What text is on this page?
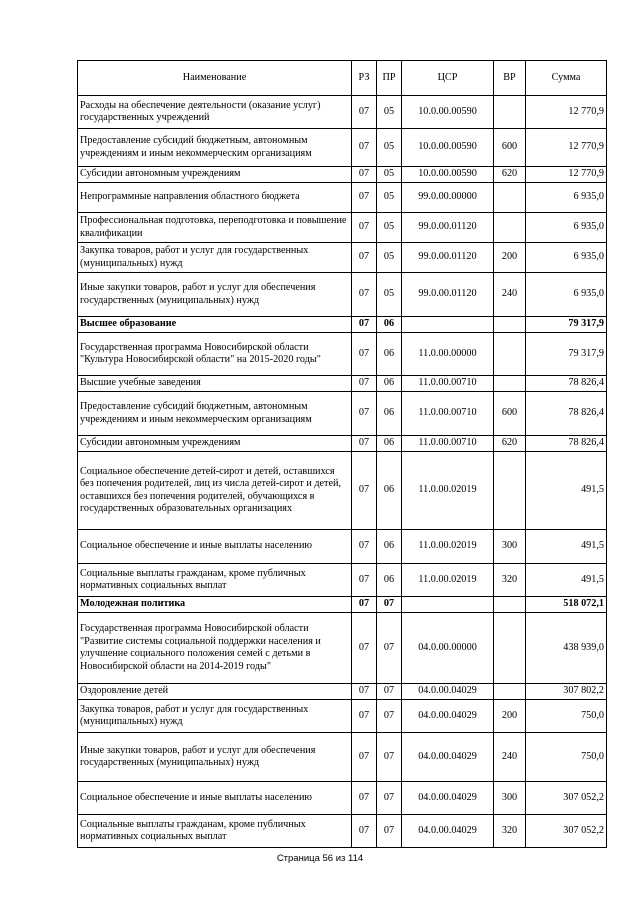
Наименование	РЗ	ПР	ЦСР	ВР	Сумма
Расходы на обеспечение деятельности (оказание услуг) государственных учреждений	07	05	10.0.00.00590		12 770,9
Предоставление субсидий бюджетным, автономным учреждениям и иным некоммерческим организациям	07	05	10.0.00.00590	600	12 770,9
Субсидии автономным учреждениям	07	05	10.0.00.00590	620	12 770,9
Непрограммные направления областного бюджета	07	05	99.0.00.00000		6 935,0
Профессиональная подготовка, переподготовка и повышение квалификации	07	05	99.0.00.01120		6 935,0
Закупка товаров, работ и услуг для государственных (муниципальных) нужд	07	05	99.0.00.01120	200	6 935,0
Иные закупки товаров, работ и услуг для обеспечения государственных (муниципальных) нужд	07	05	99.0.00.01120	240	6 935,0
Высшее образование	07	06			79 317,9
Государственная программа Новосибирской области "Культура Новосибирской области" на 2015-2020 годы"	07	06	11.0.00.00000		79 317,9
Высшие учебные заведения	07	06	11.0.00.00710		78 826,4
Предоставление субсидий бюджетным, автономным учреждениям и иным некоммерческим организациям	07	06	11.0.00.00710	600	78 826,4
Субсидии автономным учреждениям	07	06	11.0.00.00710	620	78 826,4
Социальное обеспечение детей-сирот и детей, оставшихся без попечения родителей, лиц из числа детей-сирот и детей, оставшихся без попечения родителей, обучающихся в государственных образовательных организациях	07	06	11.0.00.02019		491,5
Социальное обеспечение и иные выплаты населению	07	06	11.0.00.02019	300	491,5
Социальные выплаты гражданам, кроме публичных нормативных социальных выплат	07	06	11.0.00.02019	320	491,5
Молодежная политика	07	07			518 072,1
Государственная программа Новосибирской области "Развитие системы социальной поддержки населения и улучшение социального положения семей с детьми в Новосибирской области на 2014-2019 годы"	07	07	04.0.00.00000		438 939,0
Оздоровление детей	07	07	04.0.00.04029		307 802,2
Закупка товаров, работ и услуг для государственных (муниципальных) нужд	07	07	04.0.00.04029	200	750,0
Иные закупки товаров, работ и услуг для обеспечения государственных (муниципальных) нужд	07	07	04.0.00.04029	240	750,0
Социальное обеспечение и иные выплаты населению	07	07	04.0.00.04029	300	307 052,2
Социальные выплаты гражданам, кроме публичных нормативных социальных выплат	07	07	04.0.00.04029	320	307 052,2
Страница 56 из 114
